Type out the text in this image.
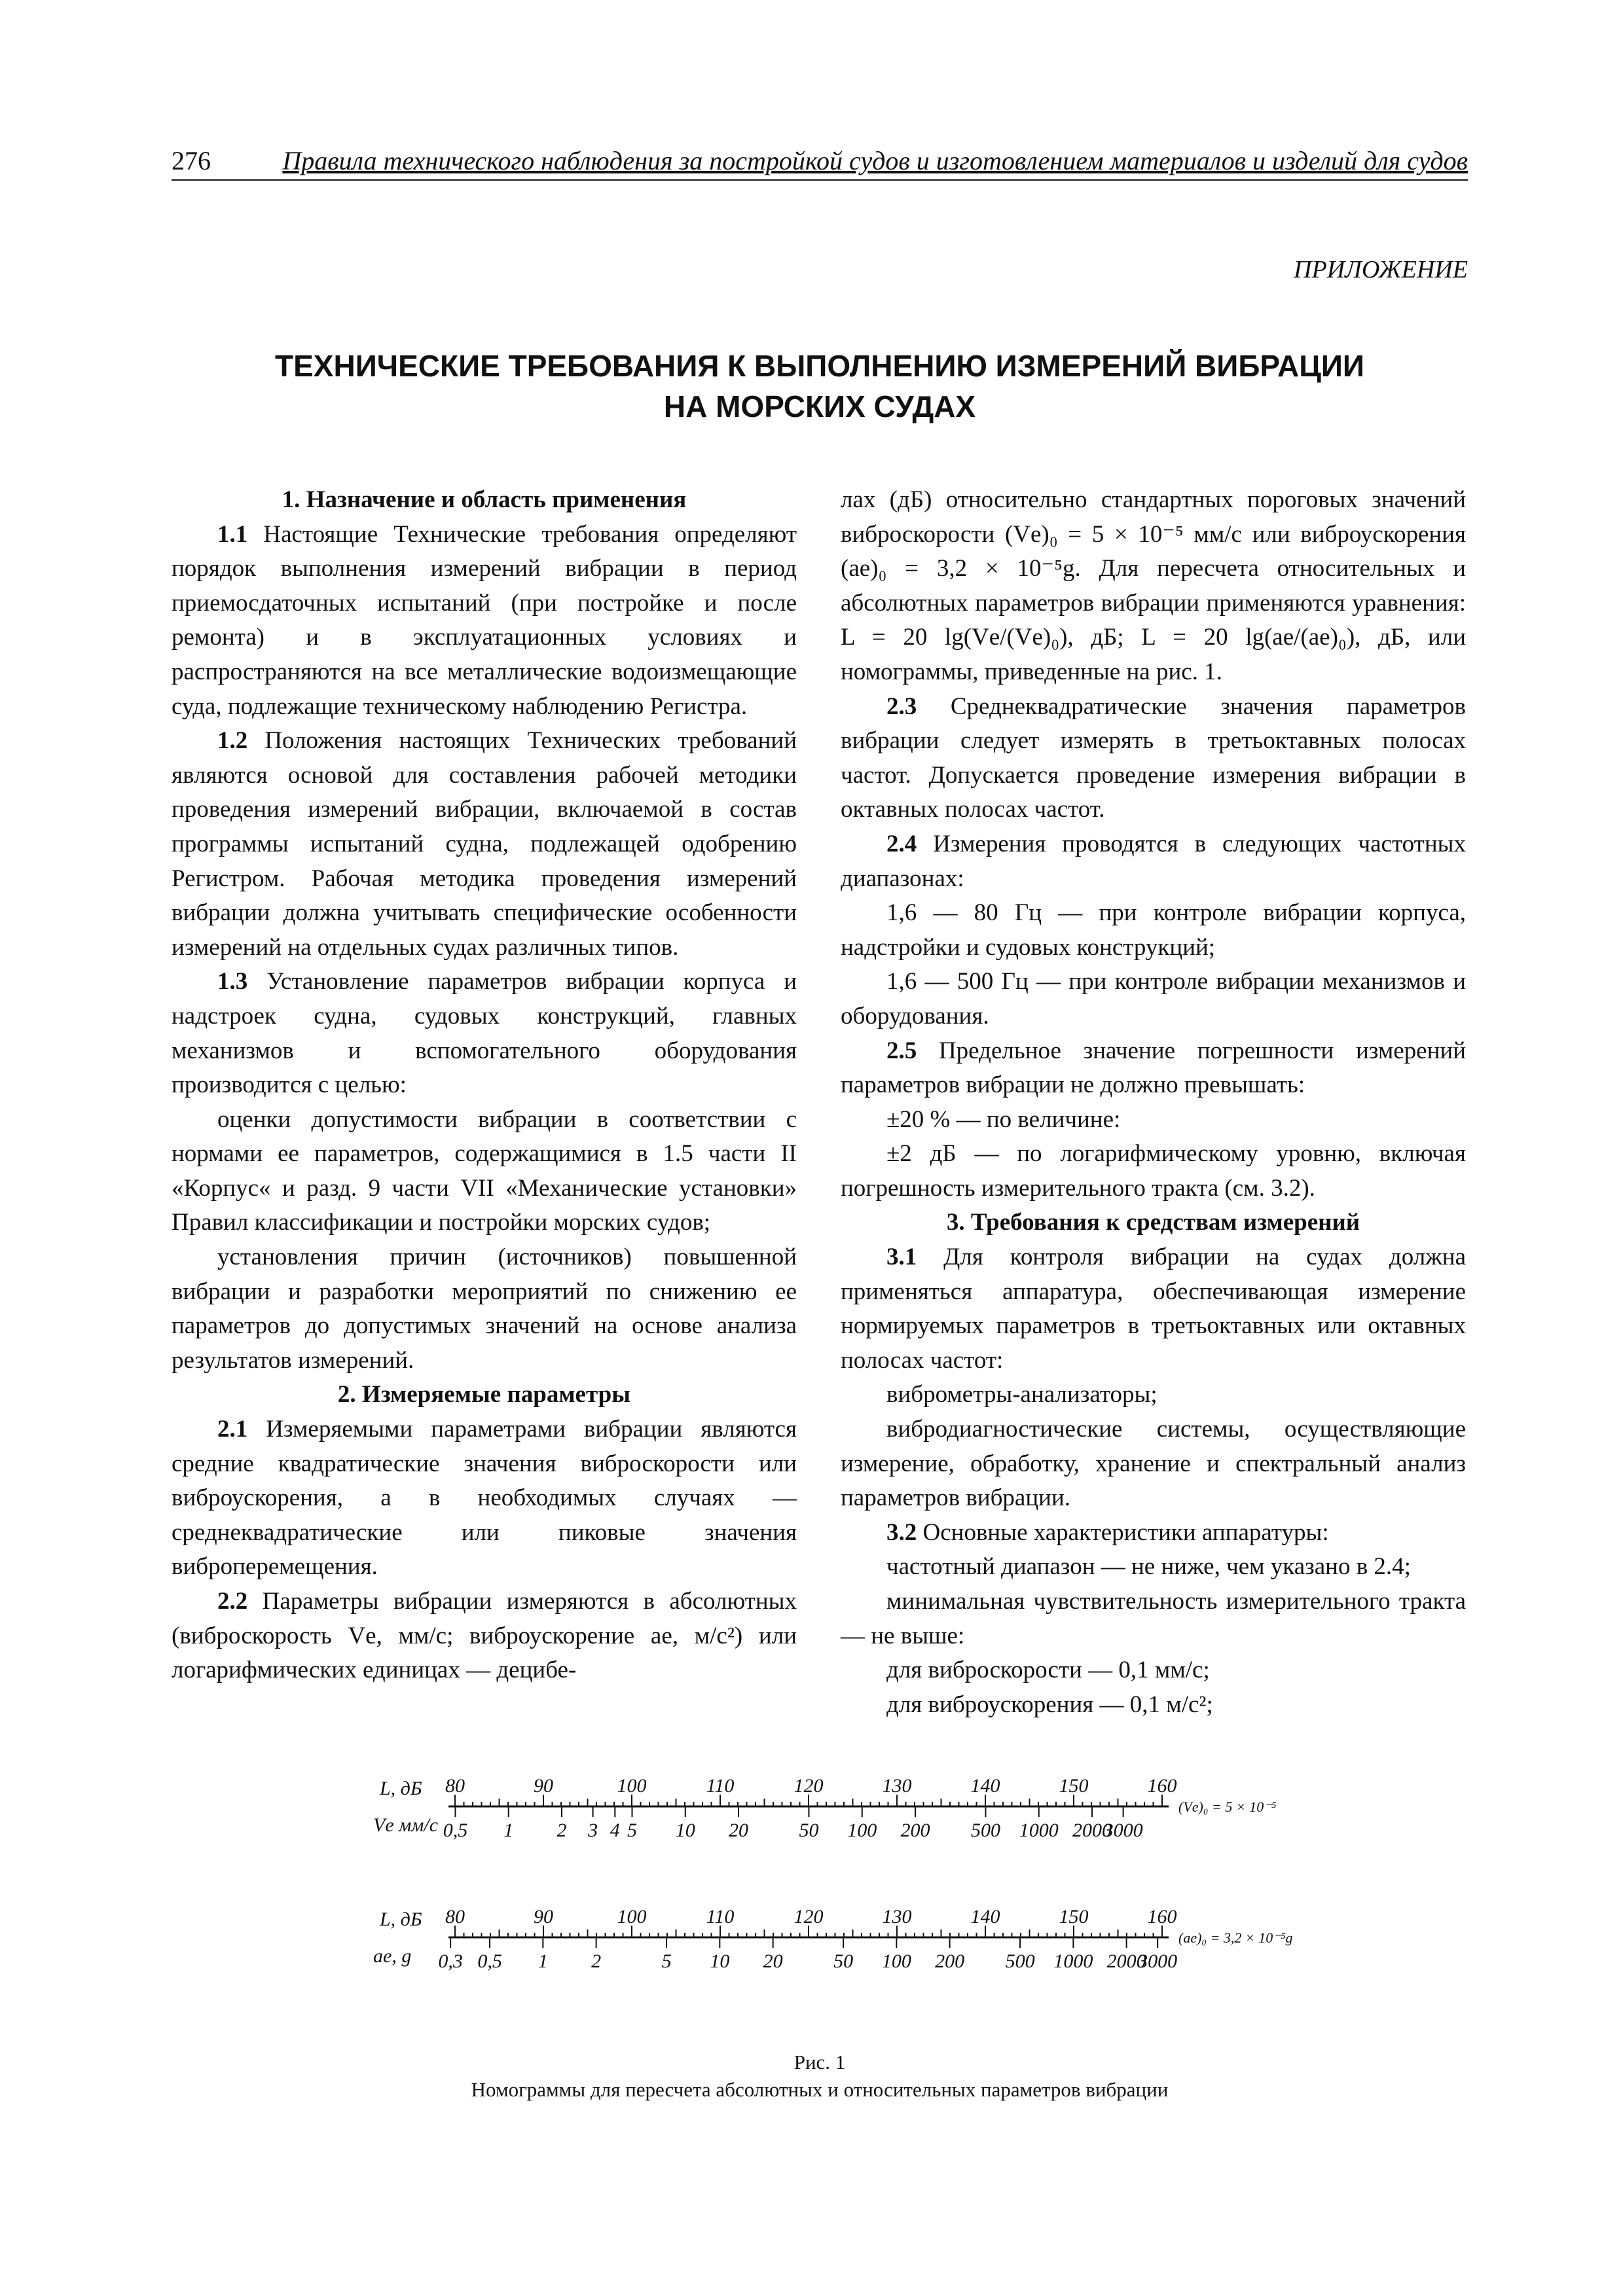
276	Правила технического наблюдения за постройкой судов и изготовлением материалов и изделий для судов
ПРИЛОЖЕНИЕ
ТЕХНИЧЕСКИЕ ТРЕБОВАНИЯ К ВЫПОЛНЕНИЮ ИЗМЕРЕНИЙ ВИБРАЦИИ
НА МОРСКИХ СУДАХ
1. Назначение и область применения

1.1 Настоящие Технические требования определяют порядок выполнения измерений вибрации в период приемосдаточных испытаний (при постройке и после ремонта) и в эксплуатационных условиях и распространяются на все металлические водоизмещающие суда, подлежащие техническому наблюдению Регистра.

1.2 Положения настоящих Технических требований являются основой для составления рабочей методики проведения измерений вибрации, включаемой в состав программы испытаний судна, подлежащей одобрению Регистром. Рабочая методика проведения измерений вибрации должна учитывать специфические особенности измерений на отдельных судах различных типов.

1.3 Установление параметров вибрации корпуса и надстроек судна, судовых конструкций, главных механизмов и вспомогательного оборудования производится с целью:

оценки допустимости вибрации в соответствии с нормами ее параметров, содержащимися в 1.5 части II «Корпус« и разд. 9 части VII «Механические установки» Правил классификации и постройки морских судов;

установления причин (источников) повышенной вибрации и разработки мероприятий по снижению ее параметров до допустимых значений на основе анализа результатов измерений.

2. Измеряемые параметры

2.1 Измеряемыми параметрами вибрации являются средние квадратические значения виброскорости или виброускорения, а в необходимых случаях — среднеквадратические или пиковые значения виброперемещения.

2.2 Параметры вибрации измеряются в абсолютных (виброскорость Vе, мм/с; виброускорение aе, м/с²) или логарифмических единицах — децибе-

лах (дБ) относительно стандартных пороговых значений виброскорости (Vе)₀ = 5 × 10⁻⁵ мм/с или виброускорения (aе)₀ = 3,2 × 10⁻⁵g. Для пересчета относительных и абсолютных параметров вибрации применяются уравнения: L = 20 lg(Vе/(Vе)₀), дБ; L = 20 lg(aе/(aе)₀), дБ, или номограммы, приведенные на рис. 1.

2.3 Среднеквадратические значения параметров вибрации следует измерять в третьоктавных полосах частот. Допускается проведение измерения вибрации в октавных полосах частот.

2.4 Измерения проводятся в следующих частотных диапазонах:

1,6 — 80 Гц — при контроле вибрации корпуса, надстройки и судовых конструкций;

1,6 — 500 Гц — при контроле вибрации механизмов и оборудования.

2.5 Предельное значение погрешности измерений параметров вибрации не должно превышать:

±20 % — по величине:

±2 дБ — по логарифмическому уровню, включая погрешность измерительного тракта (см. 3.2).

3. Требования к средствам измерений

3.1 Для контроля вибрации на судах должна применяться аппаратура, обеспечивающая измерение нормируемых параметров в третьоктавных или октавных полосах частот:

виброметры-анализаторы;

вибродиагностические системы, осуществляющие измерение, обработку, хранение и спектральный анализ параметров вибрации.

3.2 Основные характеристики аппаратуры:

частотный диапазон — не ниже, чем указано в 2.4;

минимальная чувствительность измерительного тракта — не выше:

для виброскорости — 0,1 мм/с;

для виброускорения — 0,1 м/с²;

L, дБ
Vе мм/с
(Vе)₀ = 5 × 10⁻⁵
80	90	100	110	120	130	140	150	160
0,5 1 2 3 4 5 10 20	50 100 200 500 1000 2000
3000
L, дБ
aе, g
(aе)₀ = 3,2 × 10⁻⁵g
80	90	100	110	120	130	140	150	160
0,3 0,5 1 2	5 10 20	50 100 200 500 1000 2000
3000
Рис. 1
Номограммы для пересчета абсолютных и относительных параметров вибрации
